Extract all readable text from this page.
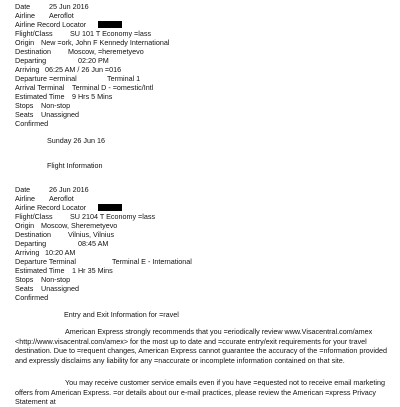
Date	25 Jun 2016
Airline Aeroflot
Airline Record Locator
Flight/Class SU 101 T Economy =lass
Origin New =ork, John F Kennedy International
Destination Moscow, =heremetyevo
Departing	02:20 PM
Arriving 06:25 AM / 26 Jun =016
Departure =erminal	Terminal 1
Arrival Terminal Terminal D - =omestic/Intl
Estimated Time 9 Hrs 5 Mins
Stops Non-stop
Seats Unassigned
Confirmed
Sunday 26 Jun 16
Flight Information
Date	26 Jun 2016
Airline Aeroflot
Airline Record Locator
Flight/Class SU 2104 T Economy =lass
Origin Moscow, Sheremetyevo
Destination Vilnius, Vilnius
Departing	08:45 AM
Arriving 10:20 AM
Departure Terminal	Terminal E - International
Estimated Time 1 Hr 35 Mins
Stops Non-stop
Seats Unassigned
Confirmed
Entry and Exit Information for =ravel

American Express strongly recommends that you =eriodically review www.Visacentral.com/amex <http://www.visacentral.com/amex> for the most up to date and =ccurate entry/exit requirements for your travel destination. Due to =requent changes, American Express cannot guarantee the accuracy of the =nformation provided and expressly disclaims any liability for any =naccurate or incomplete information contained on that site.

You may receive customer service emails even if you have =equested not to receive email marketing offers from American Express. =or details about our e-mail practices, please review the American =xpress Privacy Statement at
